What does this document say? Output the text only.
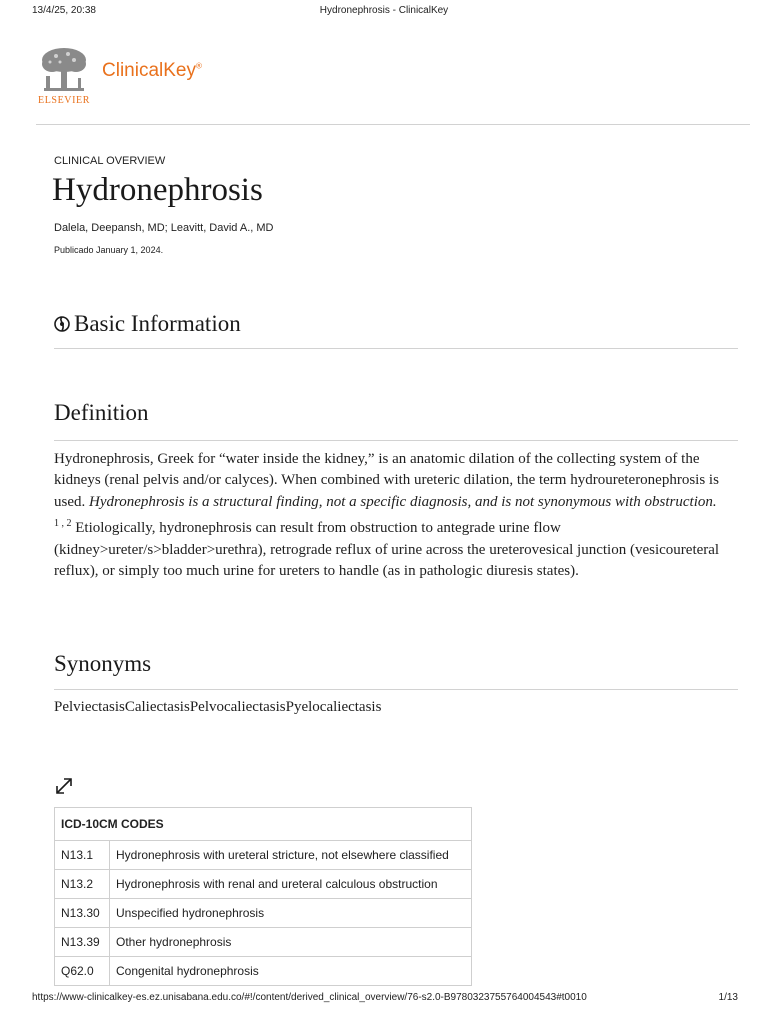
13/4/25, 20:38	Hydronephrosis - ClinicalKey
ELSEVIER
ClinicalKey®
CLINICAL OVERVIEW
Hydronephrosis
Dalela, Deepansh, MD; Leavitt, David A., MD
Publicado January 1, 2024.
Basic Information
Definition

Hydronephrosis, Greek for “water inside the kidney,” is an anatomic dilation of the collecting system of the kidneys (renal pelvis and/or calyces). When combined with ureteric dilation, the term hydroureteronephrosis is used. Hydronephrosis is a structural finding, not a specific diagnosis, and is not synonymous with obstruction. $^{1 , 2}$ Etiologically, hydronephrosis can result from obstruction to antegrade urine flow (kidney>ureter/s>bladder>urethra), retrograde reflux of urine across the ureterovesical junction (vesicoureteral reflux), or simply too much urine for ureters to handle (as in pathologic diuresis states).

Synonyms
PelviectasisCaliectasisPelvocaliectasisPyelocaliectasis
ICD-10CM CODES	
N13.1	Hydronephrosis with ureteral stricture, not elsewhere classified
N13.2	Hydronephrosis with renal and ureteral calculous obstruction
N13.30	Unspecified hydronephrosis
N13.39	Other hydronephrosis
Q62.0	Congenital hydronephrosis
https://www-clinicalkey-es.ez.unisabana.edu.co/#!/content/derived_clinical_overview/76-s2.0-B9780323755764004543#t0010	1/13
